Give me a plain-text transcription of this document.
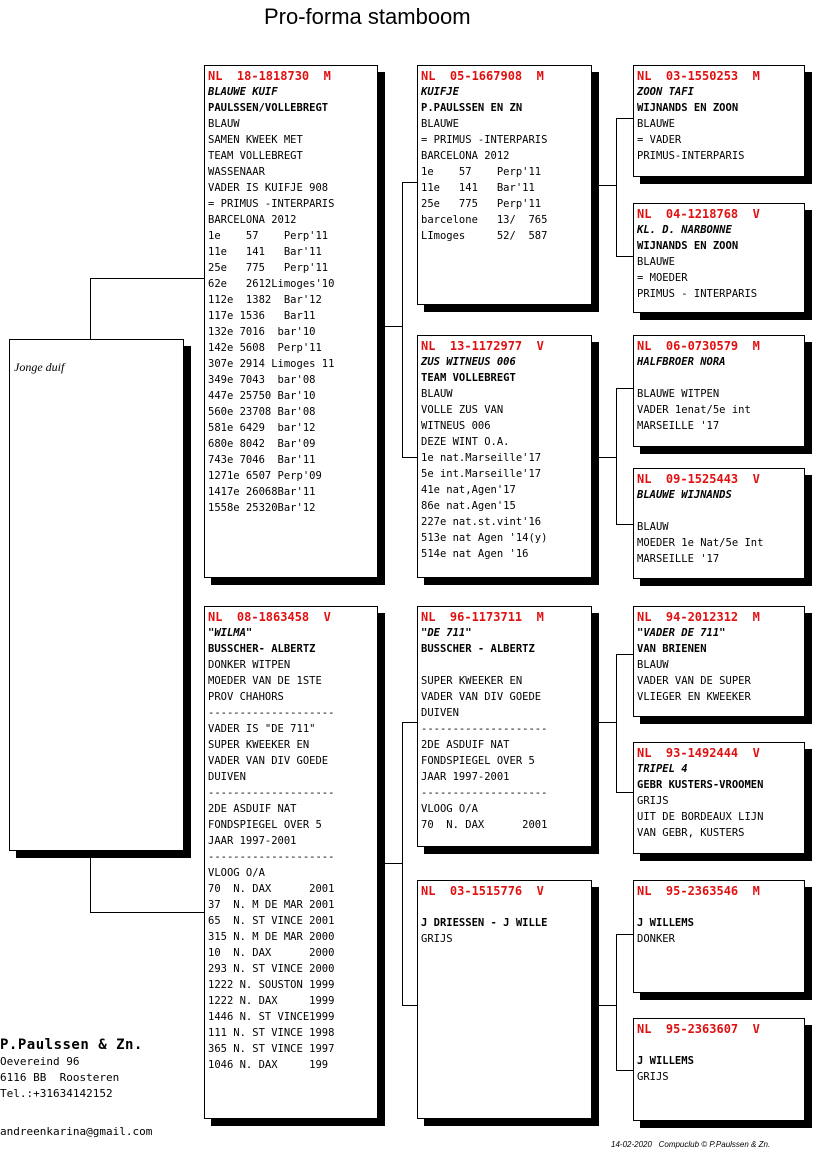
Pro-forma stamboom
Jonge duif
NL 18-1818730 M
BLAUWE KUIF
PAULSSEN/VOLLEBREGT
BLAUW
SAMEN KWEEK MET
TEAM VOLLEBREGT
WASSENAAR
VADER IS KUIFJE 908
= PRIMUS -INTERPARIS
BARCELONA 2012
1e    57    Perp'11
11e   141   Bar'11
25e   775   Perp'11
62e   2612Limoges'10
112e  1382  Bar'12
117e 1536   Bar11
132e 7016  bar'10
142e 5608  Perp'11
307e 2914 Limoges 11
349e 7043  bar'08
447e 25750 Bar'10
560e 23708 Bar'08
581e 6429  bar'12
680e 8042  Bar'09
743e 7046  Bar'11
1271e 6507 Perp'09
1417e 26068Bar'11
1558e 25320Bar'12
NL 08-1863458 V
"WILMA"
BUSSCHER- ALBERTZ
DONKER WITPEN
MOEDER VAN DE 1STE
PROV CHAHORS
--------------------
VADER IS "DE 711"
SUPER KWEEKER EN
VADER VAN DIV GOEDE
DUIVEN
--------------------
2DE ASDUIF NAT
FONDSPIEGEL OVER 5
JAAR 1997-2001
--------------------
VLOOG O/A
70  N. DAX      2001
37  N. M DE MAR 2001
65  N. ST VINCE 2001
315 N. M DE MAR 2000
10  N. DAX      2000
293 N. ST VINCE 2000
1222 N. SOUSTON 1999
1222 N. DAX     1999
1446 N. ST VINCE1999
111 N. ST VINCE 1998
365 N. ST VINCE 1997
1046 N. DAX     199
NL 05-1667908 M
KUIFJE
P.PAULSSEN EN ZN
BLAUWE
= PRIMUS -INTERPARIS
BARCELONA 2012
1e    57    Perp'11
11e   141   Bar'11
25e   775   Perp'11
barcelone   13/  765
LImoges     52/  587
NL 13-1172977 V
ZUS WITNEUS 006
TEAM VOLLEBREGT
BLAUW
VOLLE ZUS VAN
WITNEUS 006
DEZE WINT O.A.
1e nat.Marseille'17
5e int.Marseille'17
41e nat,Agen'17
86e nat.Agen'15
227e nat.st.vint'16
513e nat Agen '14(y)
514e nat Agen '16
NL 96-1173711 M
"DE 711"
BUSSCHER - ALBERTZ
SUPER KWEEKER EN
VADER VAN DIV GOEDE
DUIVEN
--------------------
2DE ASDUIF NAT
FONDSPIEGEL OVER 5
JAAR 1997-2001
--------------------
VLOOG O/A
70  N. DAX      2001
NL 03-1515776 V
J DRIESSEN - J WILLE
GRIJS
NL 03-1550253 M
ZOON TAFI
WIJNANDS EN ZOON
BLAUWE
= VADER
PRIMUS-INTERPARIS
NL 04-1218768 V
KL. D. NARBONNE
WIJNANDS EN ZOON
BLAUWE
= MOEDER
PRIMUS - INTERPARIS
NL 06-0730579 M
HALFBROER NORA
BLAUWE WITPEN
VADER 1enat/5e int
MARSEILLE '17
NL 09-1525443 V
BLAUWE WIJNANDS
BLAUW
MOEDER 1e Nat/5e Int
MARSEILLE '17
NL 94-2012312 M
"VADER DE 711"
VAN BRIENEN
BLAUW
VADER VAN DE SUPER
VLIEGER EN KWEEKER
NL 93-1492444 V
TRIPEL 4
GEBR KUSTERS-VROOMEN
GRIJS
UIT DE BORDEAUX LIJN
VAN GEBR, KUSTERS
NL 95-2363546 M
J WILLEMS
DONKER
NL 95-2363607 V
J WILLEMS
GRIJS
P.Paulssen & Zn.
Oevereind 96
6116 BB  Roosteren
Tel.:+31634142152
andreenkarina@gmail.com
14-02-2020   Compuclub © P.Paulssen & Zn.
